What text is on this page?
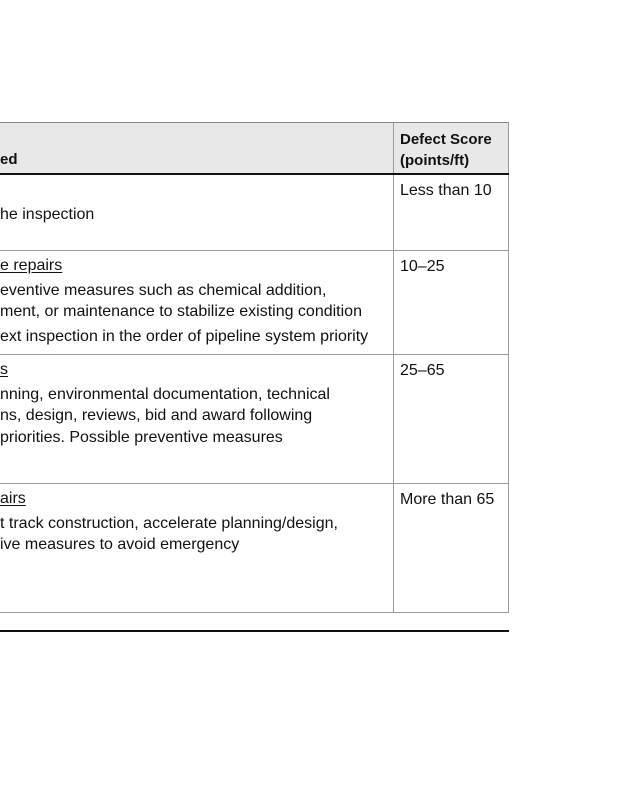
ed
Defect Score
(points/ft)
he inspection
Less than 10
e repairs
eventive measures such as chemical addition,
ment, or maintenance to stabilize existing condition
ext inspection in the order of pipeline system priority
10–25
s
nning, environmental documentation, technical
ns, design, reviews, bid and award following
priorities. Possible preventive measures
25–65
airs
t track construction, accelerate planning/design,
ive measures to avoid emergency
More than 65
